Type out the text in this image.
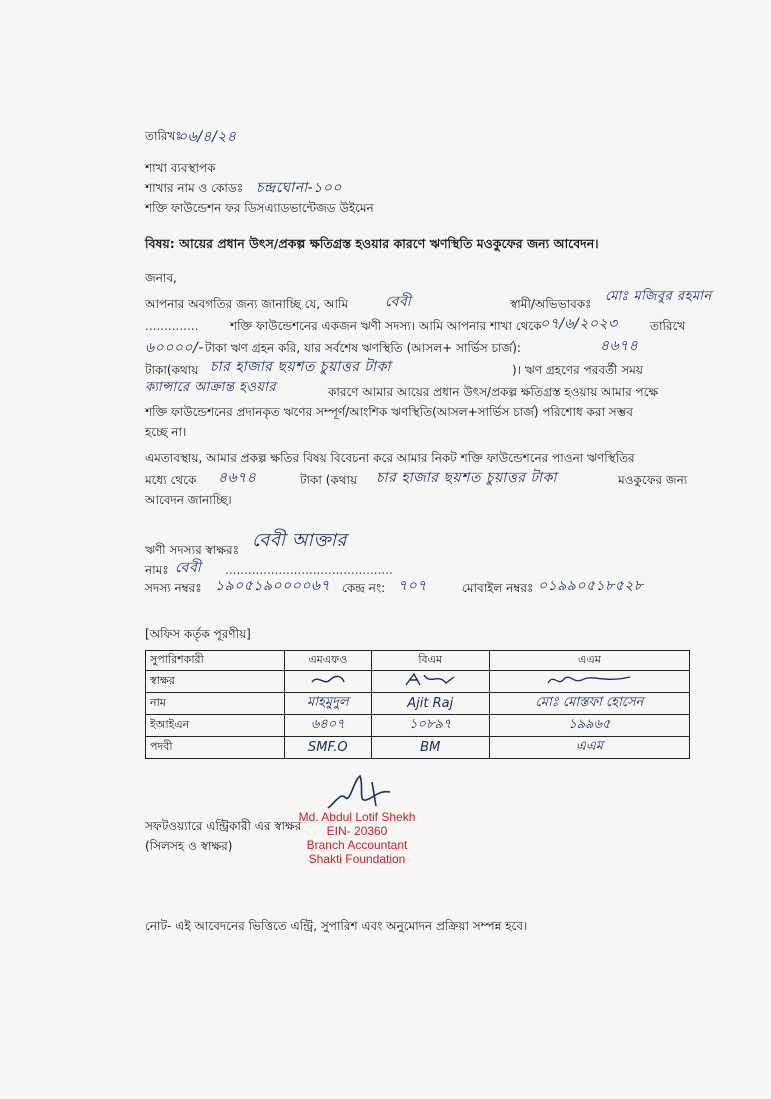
তারিখঃ
০৬/৪/২৪
শাখা ব্যবস্থাপক
শাখার নাম ও কোডঃ চন্দ্রঘোনা-১০০
শক্তি ফাউন্ডেশন ফর ডিসএ্যাডভান্টেজড উইমেন
বিষয়: আয়ের প্রধান উৎস/প্রকল্প ক্ষতিগ্রস্ত হওয়ার কারণে ঋণস্থিতি মওকুফের জন্য আবেদন।
জনাব,
আপনার অবগতির জন্য জানাচ্ছি যে, আমি	বেবী	স্বামী/অভিভাবকঃ মোঃ মজিবুর রহমান
..............	শক্তি ফাউন্ডেশনের একজন ঋণী সদস্য। আমি আপনার শাখা থেকে
০৭/৬/২০২৩	তারিখে
৬০০০০/- টাকা ঋণ গ্রহন করি, যার সর্বশেষ ঋণস্থিতি (আসল+ সার্ভিস চার্জ):	৪৬৭৪
টাকা(কথায় চার হাজার ছয়শত চুয়াত্তর টাকা	)। ঋণ গ্রহণের পরবর্তী সময়
ক্যান্সারে আক্রান্ত হওয়ার	কারণে আমার আয়ের প্রধান উৎস/প্রকল্প ক্ষতিগ্রস্ত হওয়ায় আমার পক্ষে
শক্তি ফাউন্ডেশনের প্রদানকৃত ঋণের সম্পূর্ণ/আংশিক ঋণস্থিতি(আসল+সার্ভিস চার্জ) পরিশোধ করা সম্ভব
হচ্ছে না।
এমতাবস্থায়, আমার প্রকল্প ক্ষতির বিষয় বিবেচনা করে আমার নিকট শক্তি ফাউন্ডেশনের পাওনা ঋণস্থিতির
মধ্যে থেকে ৪৬৭৪	টাকা (কথায় চার হাজার ছয়শত চুয়াত্তর টাকা	মওকুফের জন্য
আবেদন জানাচ্ছি।
ঋণী সদস্যর স্বাক্ষরঃ বেবী আক্তার
নামঃ বেবী ............................................
সদস্য নম্বরঃ ১৯০৫১৯০০০০৬৭ কেন্দ্র নং: ৭০৭	মোবাইল নম্বরঃ ০১৯৯০৫১৮৫২৮
[অফিস কর্তৃক পূরণীয়]
সুপারিশকারী	এমএফও	বিএম	এএম
স্বাক্ষর			
নাম	মাহমুদুল	Ajit Raj	মোঃ মোস্তফা হোসেন
ইআইএন	৬৪০৭	১০৮৯৭	১৯৯৬৫
পদবী	SMF.O	BM	এএম
সফটওয়্যারে এন্ট্রিকারী এর স্বাক্ষর
(সিলসহ ও স্বাক্ষর)
Md. Abdul Lotif Shekh
EIN- 20360
Branch Accountant
Shakti Foundation
নোট- এই আবেদনের ভিত্তিতে এন্ট্রি, সুপারিশ এবং অনুমোদন প্রক্রিয়া সম্পন্ন হবে।
